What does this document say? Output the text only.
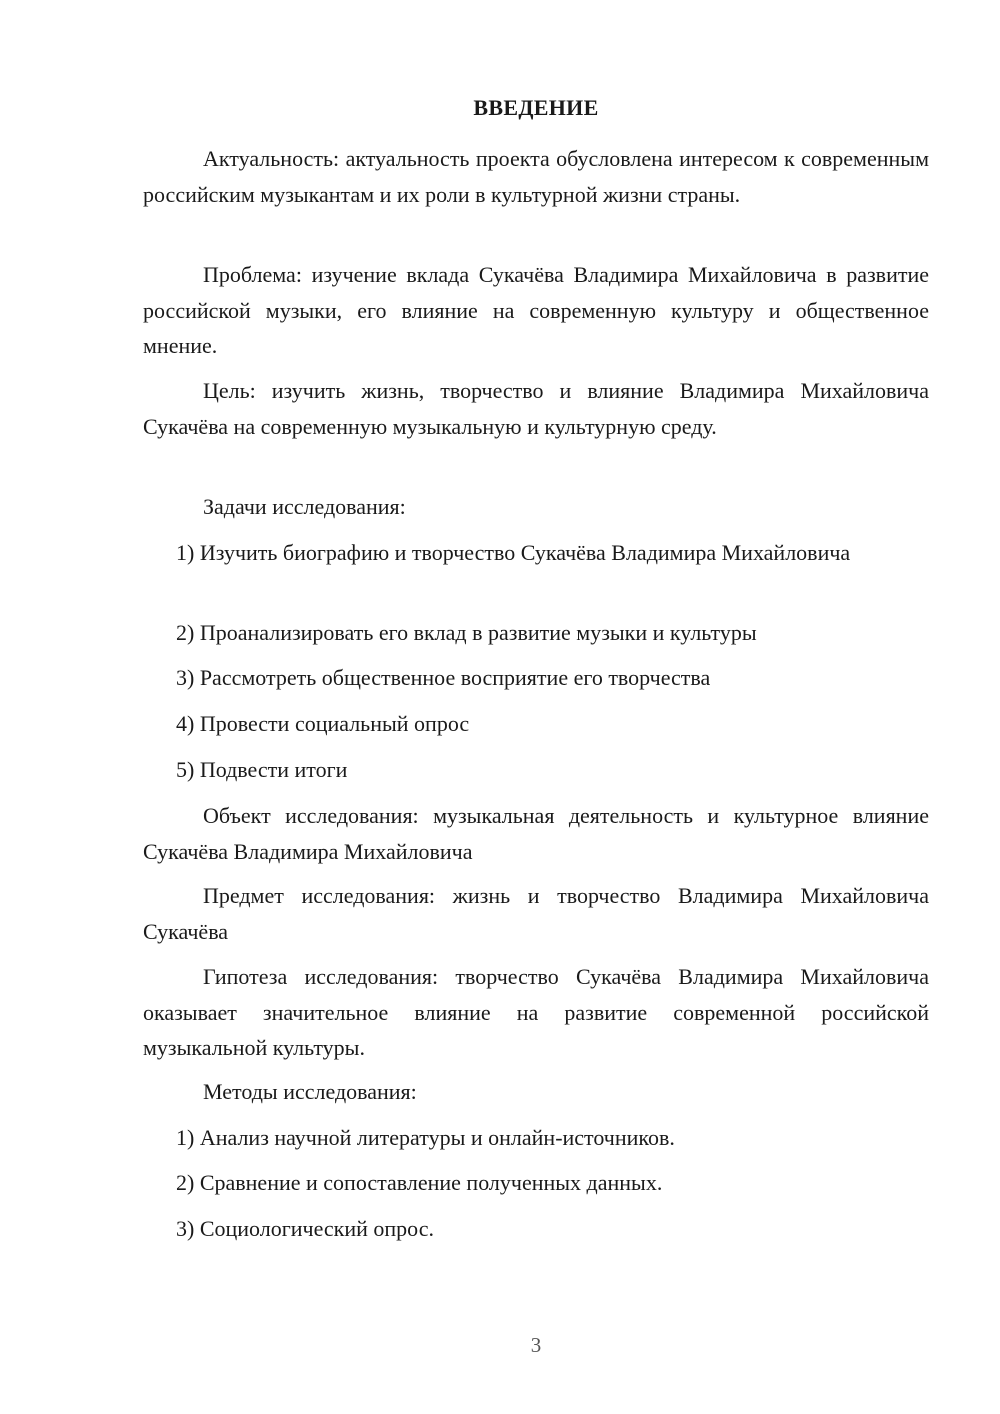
ВВЕДЕНИЕ

Актуальность: актуальность проекта обусловлена интересом к современным российским музыкантам и их роли в культурной жизни страны.

Проблема: изучение вклада Сукачёва Владимира Михайловича в развитие российской музыки, его влияние на современную культуру и общественное мнение.

Цель: изучить жизнь, творчество и влияние Владимира Михайловича Сукачёва на современную музыкальную и культурную среду.

Задачи исследования:

1) Изучить биографию и творчество Сукачёва Владимира Михайловича

2) Проанализировать его вклад в развитие музыки и культуры

3) Рассмотреть общественное восприятие его творчества

4) Провести социальный опрос

5) Подвести итоги

Объект исследования: музыкальная деятельность и культурное влияние Сукачёва Владимира Михайловича

Предмет исследования: жизнь и творчество Владимира Михайловича Сукачёва

Гипотеза исследования: творчество Сукачёва Владимира Михайловича оказывает значительное влияние на развитие современной российской музыкальной культуры.

Методы исследования:

1) Анализ научной литературы и онлайн-источников.

2) Сравнение и сопоставление полученных данных.

3) Социологический опрос.

3
